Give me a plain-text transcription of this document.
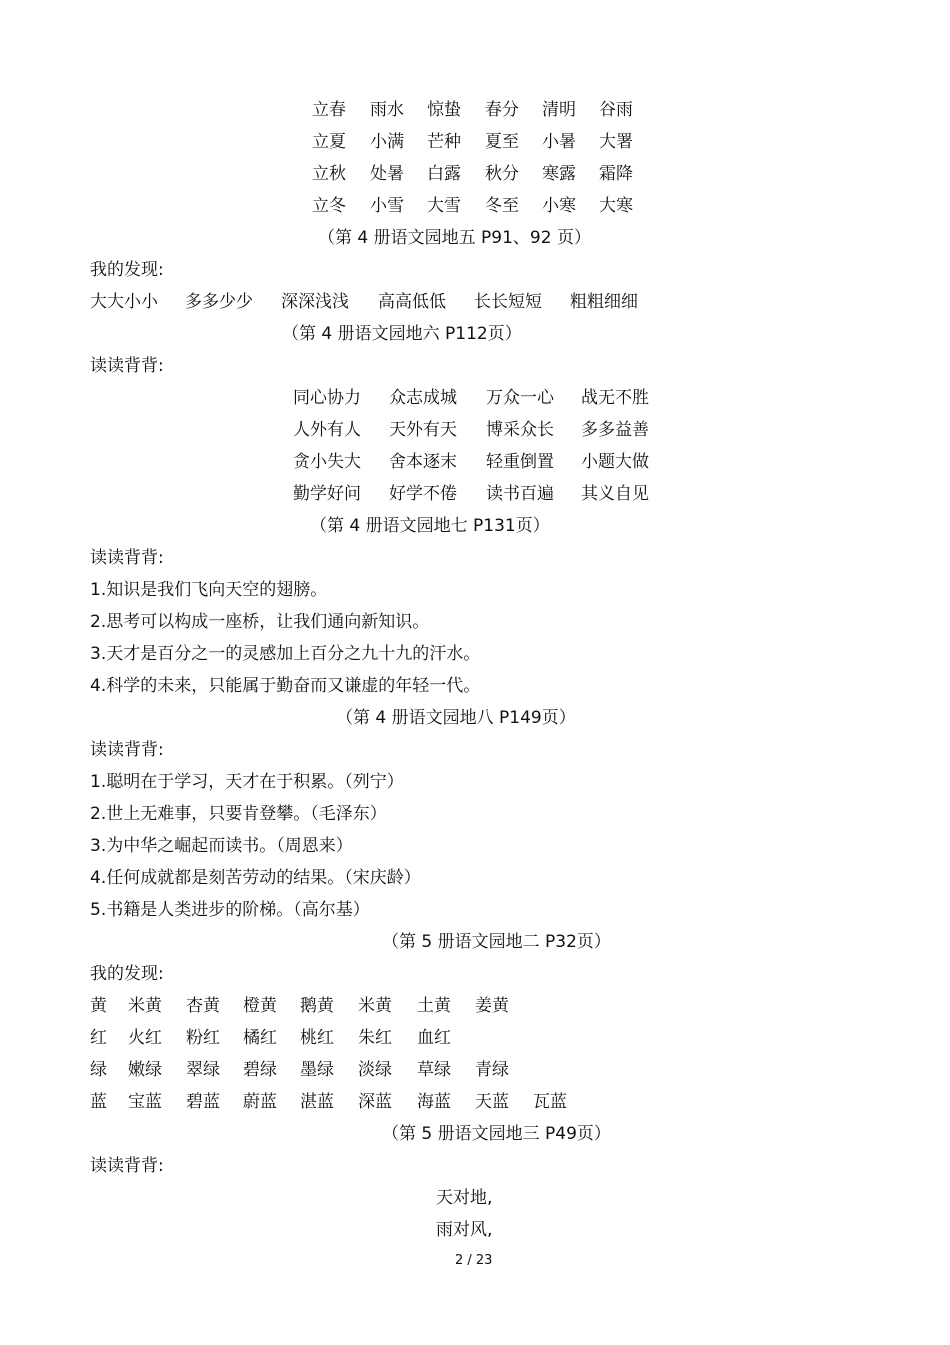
立春 雨水 惊蛰 春分 清明 谷雨
立夏 小满 芒种 夏至 小暑 大署
立秋 处暑 白露 秋分 寒露 霜降
立冬 小雪 大雪 冬至 小寒 大寒
（第 4 册语文园地五 P91、92 页）
我的发现:
大大小小 多多少少 深深浅浅 高高低低 长长短短 粗粗细细
（第 4 册语文园地六 P112页）
读读背背:
同心协力 众志成城 万众一心 战无不胜
人外有人 天外有天 博采众长 多多益善
贪小失大 舍本逐末 轻重倒置 小题大做
勤学好问 好学不倦 读书百遍 其义自见
（第 4 册语文园地七 P131页）
读读背背:
1.知识是我们飞向天空的翅膀。
2.思考可以构成一座桥，让我们通向新知识。
3.天才是百分之一的灵感加上百分之九十九的汗水。
4.科学的未来，只能属于勤奋而又谦虚的年轻一代。
（第 4 册语文园地八 P149页）
读读背背:
1.聪明在于学习，天才在于积累。（列宁）
2.世上无难事，只要肯登攀。（毛泽东）
3.为中华之崛起而读书。（周恩来）
4.任何成就都是刻苦劳动的结果。（宋庆龄）
5.书籍是人类进步的阶梯。（高尔基）
（第 5 册语文园地二 P32页）
我的发现:
黄 米黄 杏黄 橙黄 鹅黄 米黄 土黄 姜黄
红 火红 粉红 橘红 桃红 朱红 血红
绿 嫩绿 翠绿 碧绿 墨绿 淡绿 草绿 青绿
蓝 宝蓝 碧蓝 蔚蓝 湛蓝 深蓝 海蓝 天蓝 瓦蓝
（第 5 册语文园地三 P49页）
读读背背:
天对地,
雨对风,
2 / 23
